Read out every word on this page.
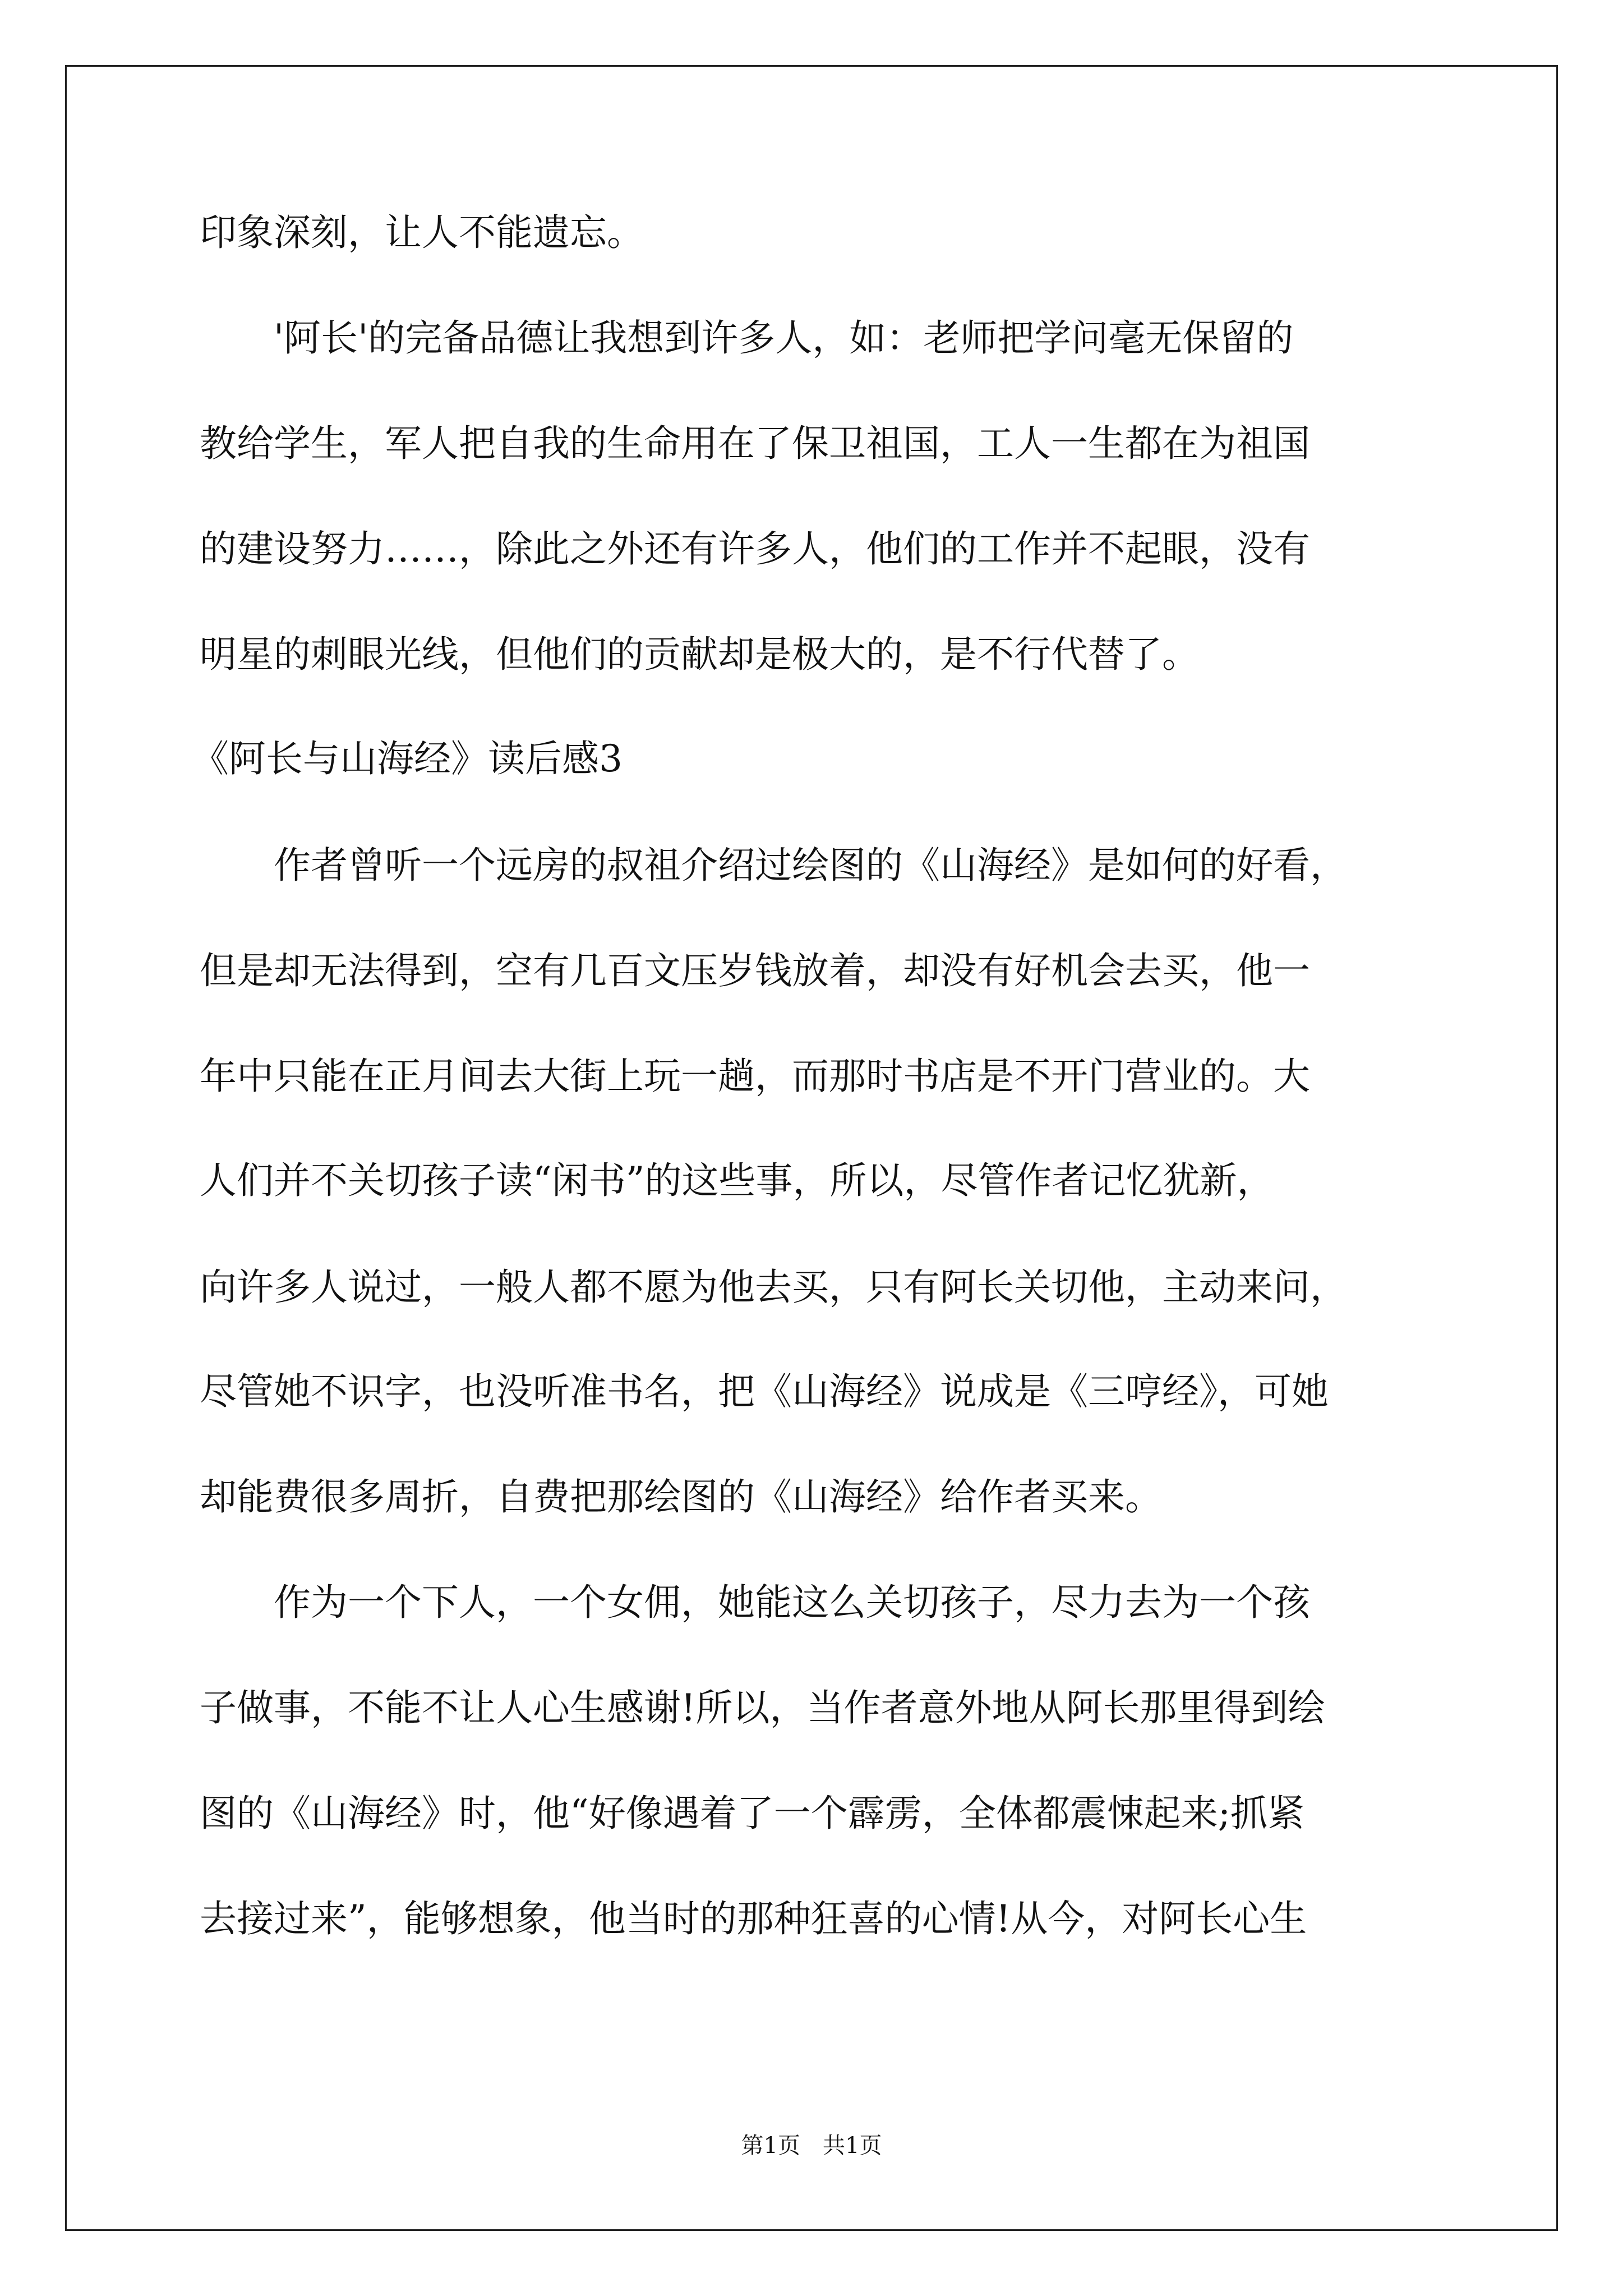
印象深刻，让人不能遗忘。
'阿长'的完备品德让我想到许多人，如：老师把学问毫无保留的
教给学生，军人把自我的生命用在了保卫祖国，工人一生都在为祖国
的建设努力……，除此之外还有许多人，他们的工作并不起眼，没有
明星的刺眼光线，但他们的贡献却是极大的，是不行代替了。
《阿长与山海经》读后感3
作者曾听一个远房的叔祖介绍过绘图的《山海经》是如何的好看，
但是却无法得到，空有几百文压岁钱放着，却没有好机会去买，他一
年中只能在正月间去大街上玩一趟，而那时书店是不开门营业的。大
人们并不关切孩子读“闲书”的这些事，所以，尽管作者记忆犹新，
向许多人说过，一般人都不愿为他去买，只有阿长关切他，主动来问，
尽管她不识字，也没听准书名，把《山海经》说成是《三哼经》，可她
却能费很多周折，自费把那绘图的《山海经》给作者买来。
作为一个下人，一个女佣，她能这么关切孩子，尽力去为一个孩
子做事，不能不让人心生感谢!所以，当作者意外地从阿长那里得到绘
图的《山海经》时，他“好像遇着了一个霹雳，全体都震悚起来;抓紧
去接过来”，能够想象，他当时的那种狂喜的心情!从今，对阿长心生
第1页 共1页
